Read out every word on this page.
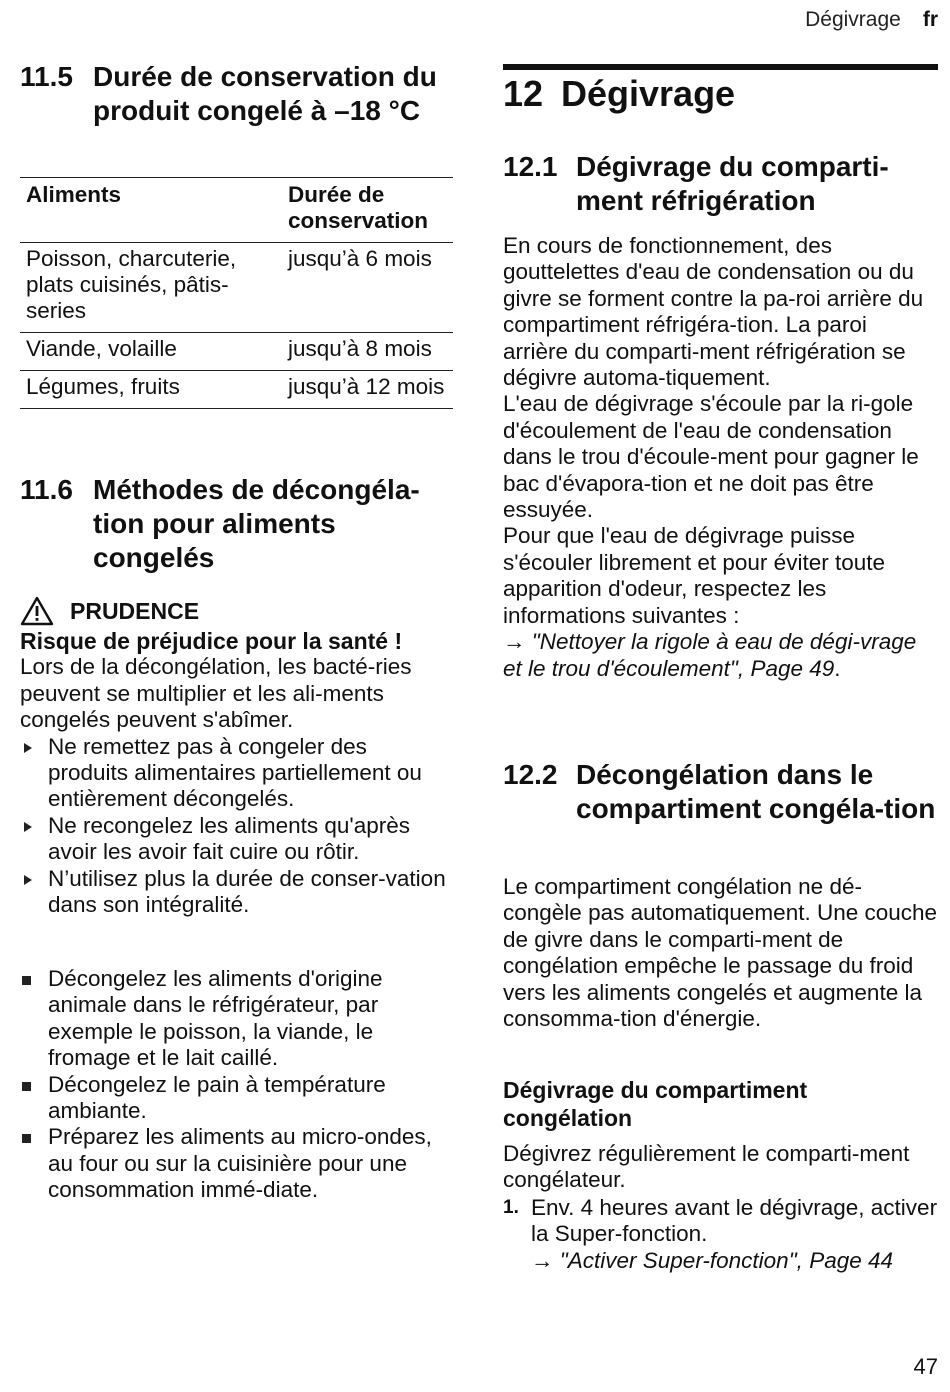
Dégivrage fr
11.5 Durée de conservation du produit congelé à –18 °C
Aliments	Durée de conservation
Poisson, charcuterie, plats cuisinés, pâtis-series	jusqu’à 6 mois
Viande, volaille	jusqu’à 8 mois
Légumes, fruits	jusqu’à 12 mois
11.6 Méthodes de décongéla-tion pour aliments congelés
PRUDENCE
Risque de préjudice pour la santé !
Lors de la décongélation, les bacté-ries peuvent se multiplier et les ali-ments congelés peuvent s'abîmer.
Ne remettez pas à congeler des produits alimentaires partiellement ou entièrement décongelés.
Ne recongelez les aliments qu'après avoir les avoir fait cuire ou rôtir.
N’utilisez plus la durée de conser-vation dans son intégralité.
Décongelez les aliments d'origine animale dans le réfrigérateur, par exemple le poisson, la viande, le fromage et le lait caillé.
Décongelez le pain à température ambiante.
Préparez les aliments au micro-ondes, au four ou sur la cuisinière pour une consommation immé-diate.
12 Dégivrage
12.1 Dégivrage du comparti-ment réfrigération
En cours de fonctionnement, des gouttelettes d'eau de condensation ou du givre se forment contre la pa-roi arrière du compartiment réfrigéra-tion. La paroi arrière du comparti-ment réfrigération se dégivre automa-tiquement.
L'eau de dégivrage s'écoule par la ri-gole d'écoulement de l'eau de condensation dans le trou d'écoule-ment pour gagner le bac d'évapora-tion et ne doit pas être essuyée.
Pour que l'eau de dégivrage puisse s'écouler librement et pour éviter toute apparition d'odeur, respectez les informations suivantes :
→ "Nettoyer la rigole à eau de dégi-vrage et le trou d'écoulement", Page 49.
12.2 Décongélation dans le compartiment congéla-tion
Le compartiment congélation ne dé-congèle pas automatiquement. Une couche de givre dans le comparti-ment de congélation empêche le passage du froid vers les aliments congelés et augmente la consomma-tion d'énergie.
Dégivrage du compartiment congélation
Dégivrez régulièrement le comparti-ment congélateur.
1. Env. 4 heures avant le dégivrage, activer la Super-fonction.
→ "Activer Super-fonction", Page 44
47
